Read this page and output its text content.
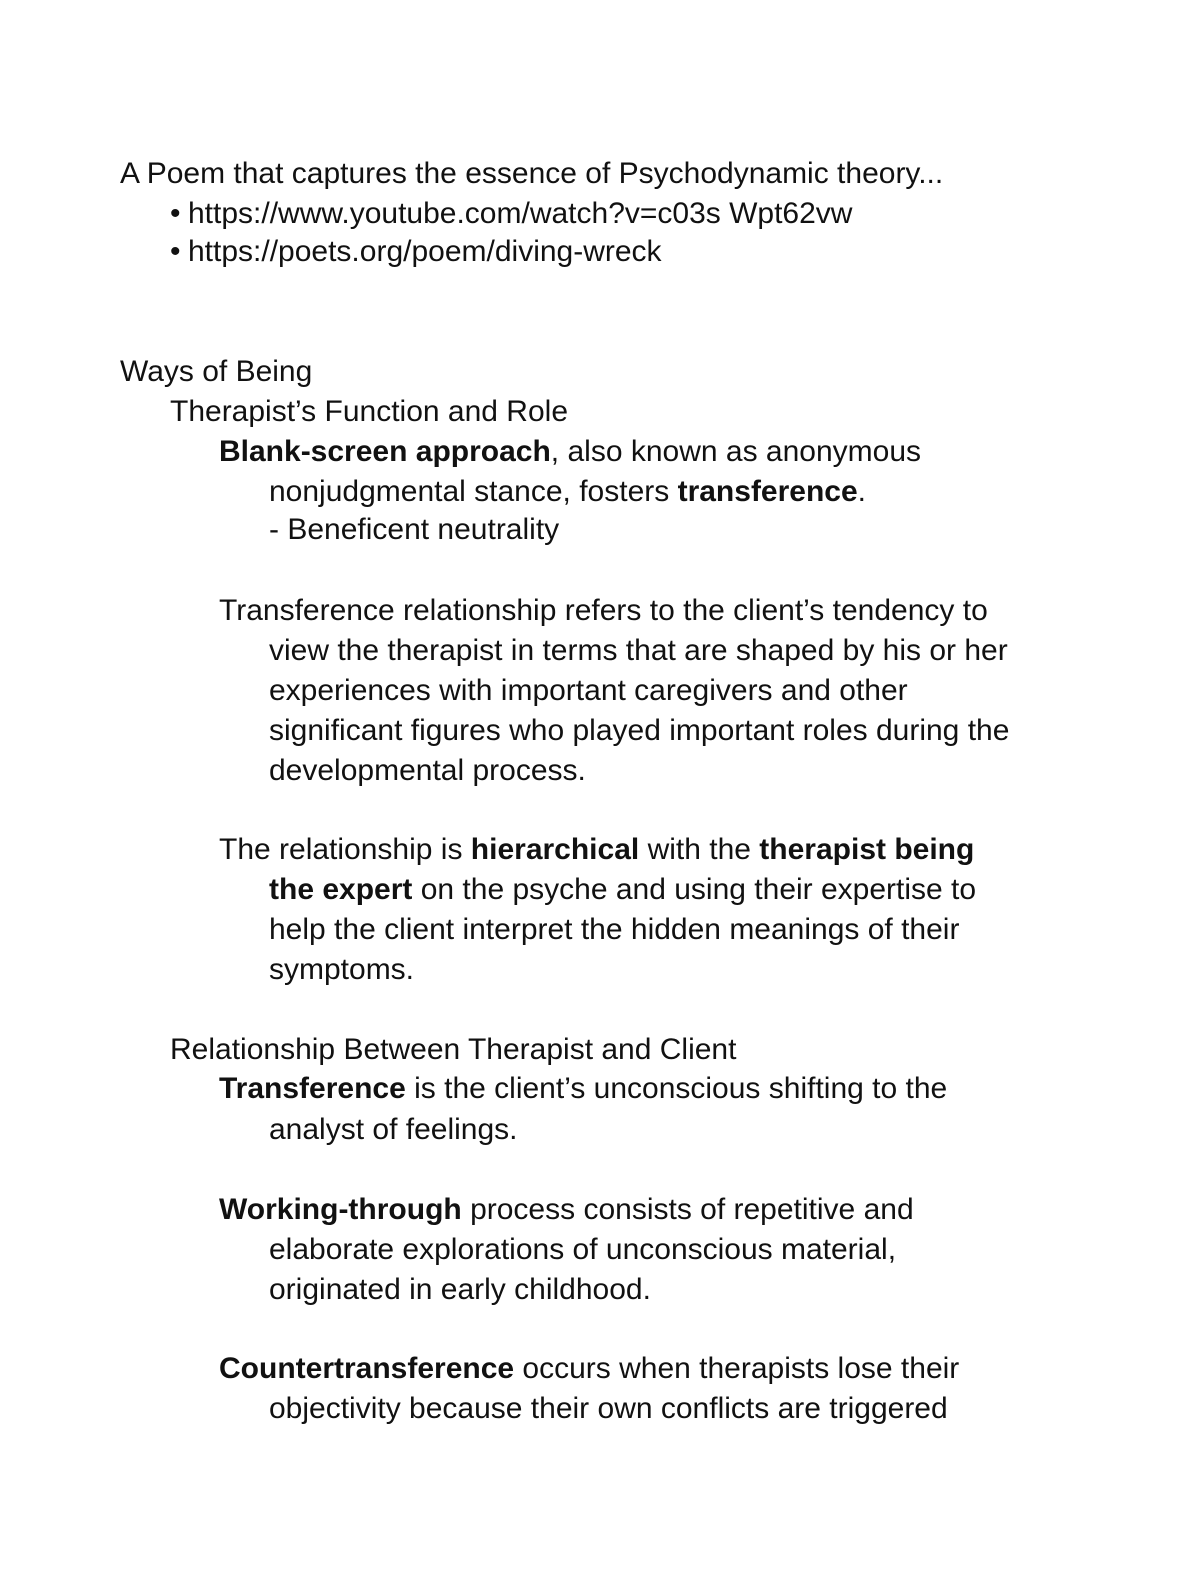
A Poem that captures the essence of Psychodynamic theory...
• https://www.youtube.com/watch?v=c03s Wpt62vw
• https://poets.org/poem/diving-wreck
Ways of Being
Therapist’s Function and Role
Blank-screen approach, also known as anonymous
nonjudgmental stance, fosters transference.
- Beneficent neutrality
Transference relationship refers to the client’s tendency to
view the therapist in terms that are shaped by his or her
experiences with important caregivers and other
significant figures who played important roles during the
developmental process.
The relationship is hierarchical with the therapist being
the expert on the psyche and using their expertise to
help the client interpret the hidden meanings of their
symptoms.
Relationship Between Therapist and Client
Transference is the client’s unconscious shifting to the
analyst of feelings.
Working-through process consists of repetitive and
elaborate explorations of unconscious material,
originated in early childhood.
Countertransference occurs when therapists lose their
objectivity because their own conflicts are triggered
